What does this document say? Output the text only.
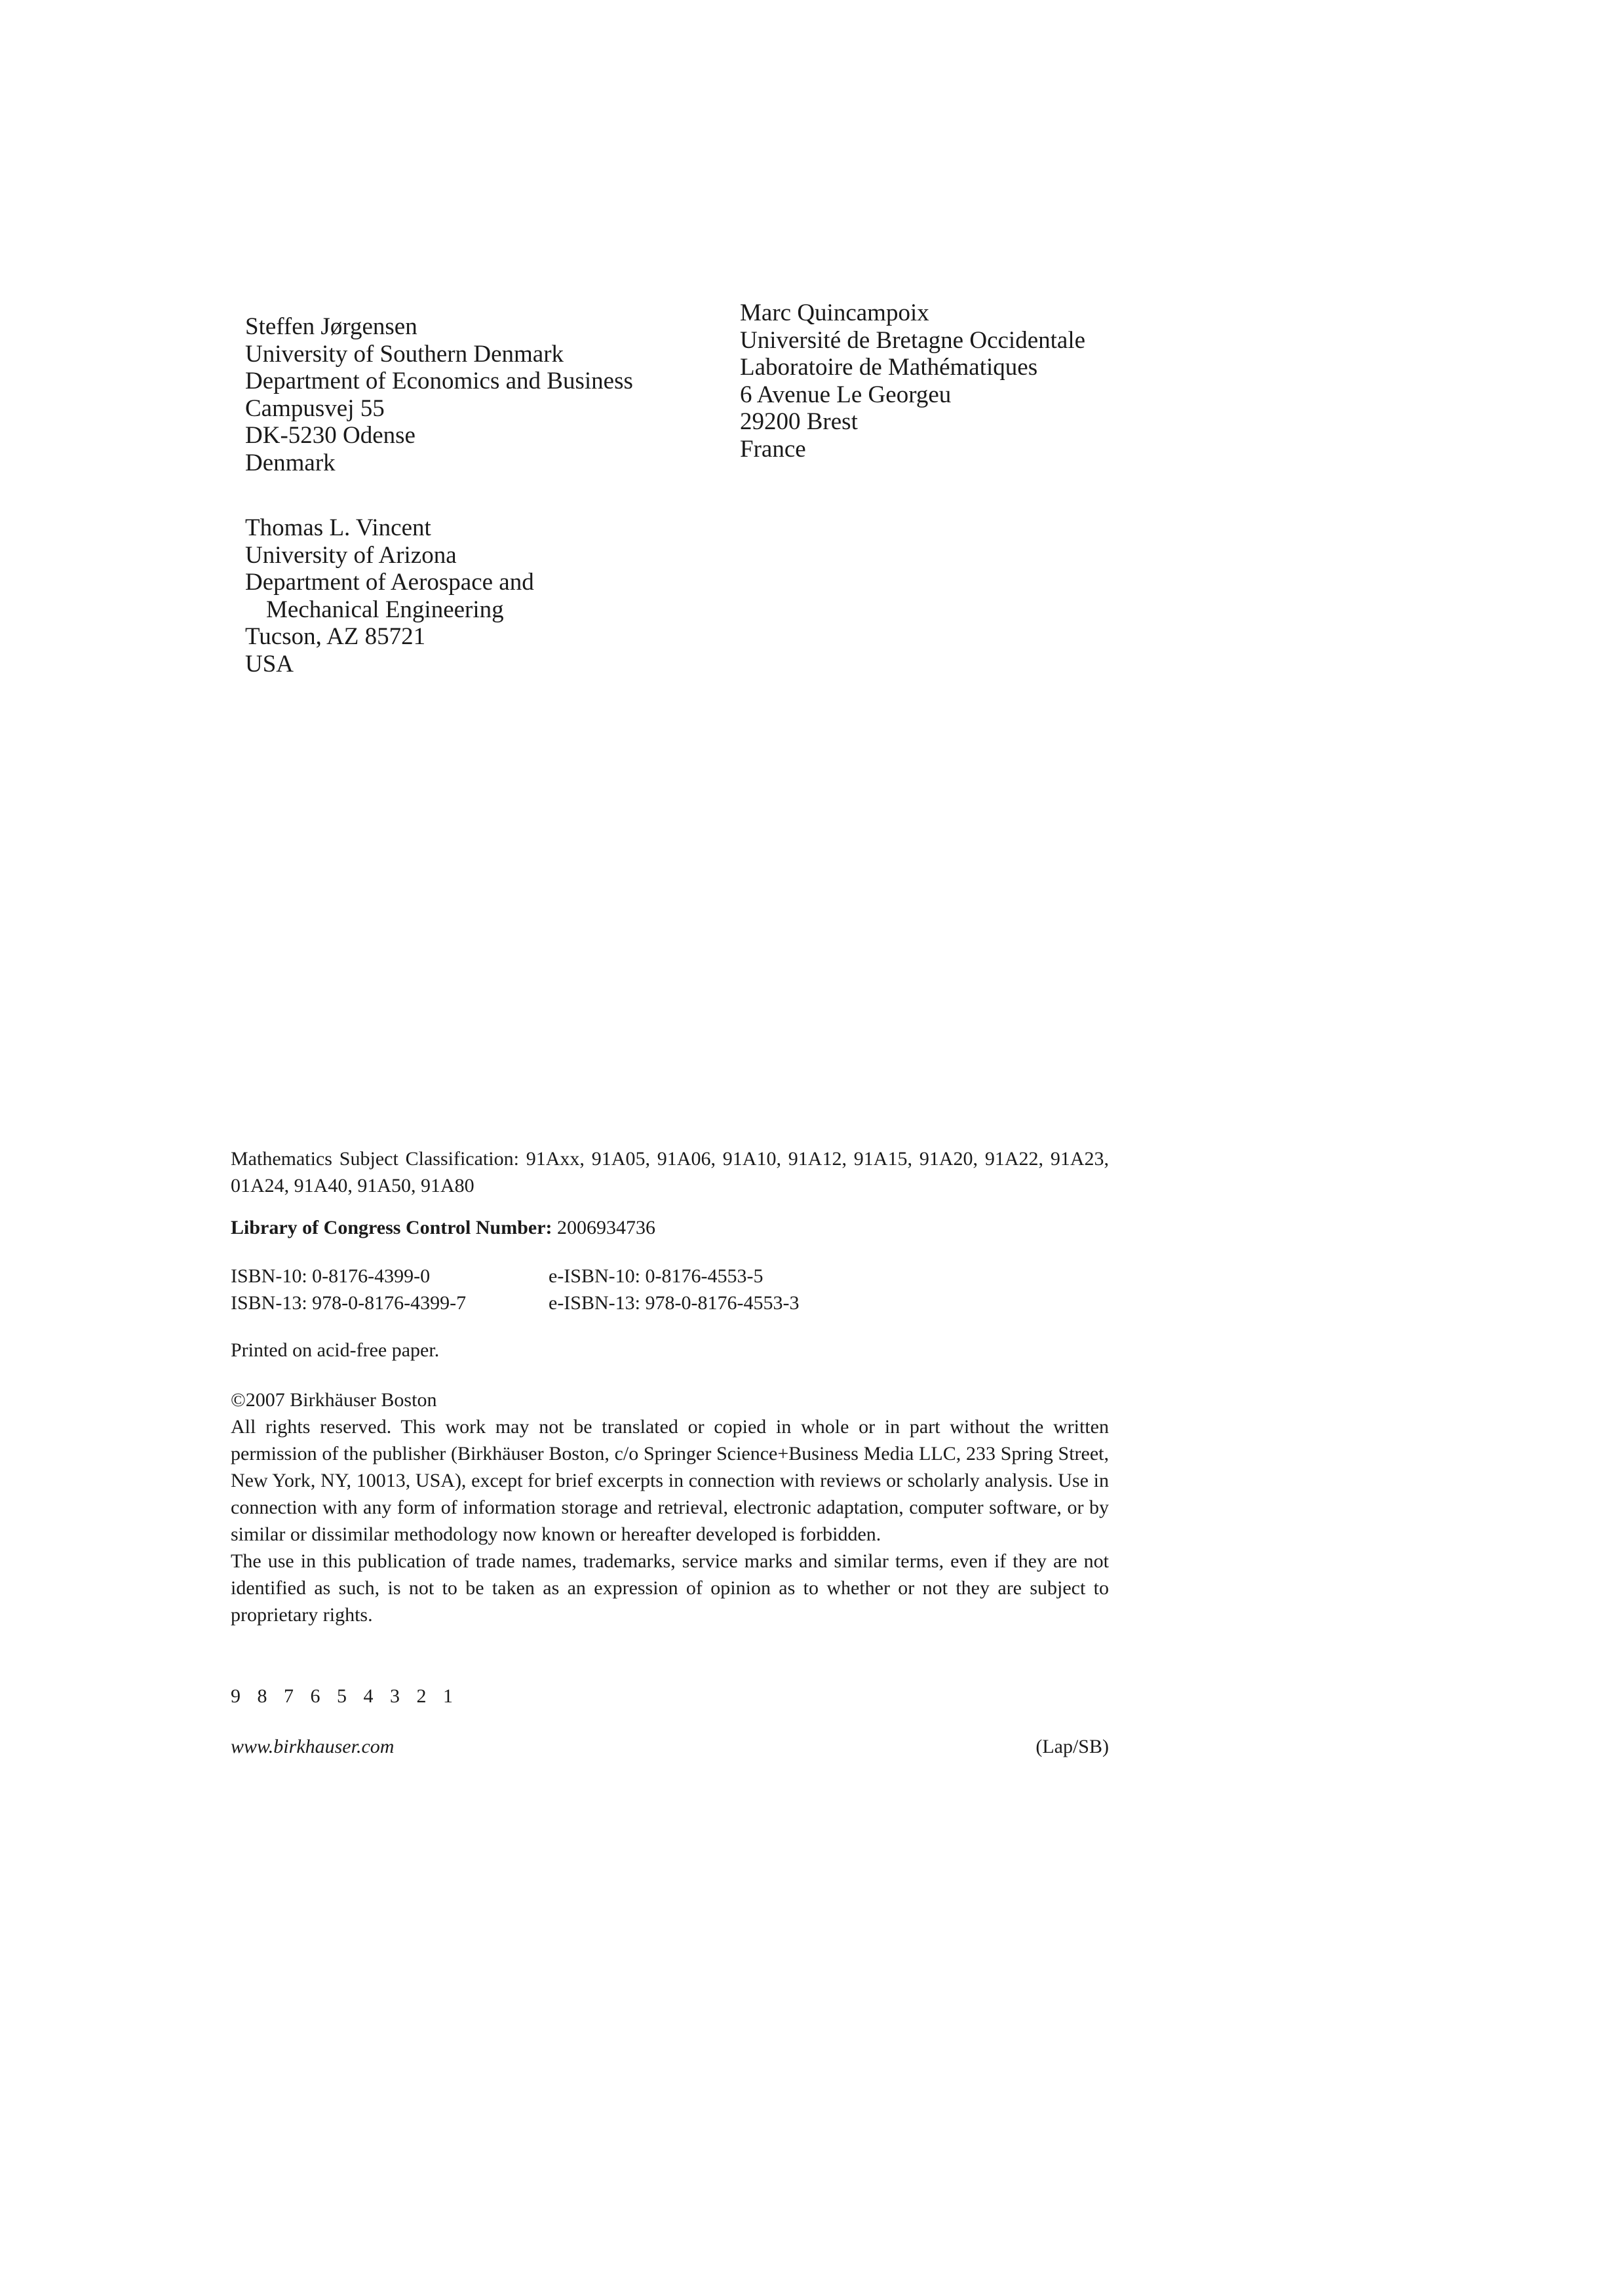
Steffen Jørgensen
University of Southern Denmark
Department of Economics and Business
Campusvej 55
DK-5230 Odense
Denmark
Marc Quincampoix
Université de Bretagne Occidentale
Laboratoire de Mathématiques
6 Avenue Le Georgeu
29200 Brest
France
Thomas L. Vincent
University of Arizona
Department of Aerospace and
Mechanical Engineering
Tucson, AZ 85721
USA
Mathematics Subject Classification: 91Axx, 91A05, 91A06, 91A10, 91A12, 91A15, 91A20, 91A22, 91A23, 01A24, 91A40, 91A50, 91A80
Library of Congress Control Number: 2006934736
ISBN-10: 0-8176-4399-0	e-ISBN-10: 0-8176-4553-5
ISBN-13: 978-0-8176-4399-7	e-ISBN-13: 978-0-8176-4553-3
Printed on acid-free paper.

©2007 Birkhäuser Boston

All rights reserved. This work may not be translated or copied in whole or in part without the written permission of the publisher (Birkhäuser Boston, c/o Springer Science+Business Media LLC, 233 Spring Street, New York, NY, 10013, USA), except for brief excerpts in connection with reviews or scholarly analysis. Use in connection with any form of information storage and retrieval, electronic adaptation, computer software, or by similar or dissimilar methodology now known or hereafter developed is forbidden.

The use in this publication of trade names, trademarks, service marks and similar terms, even if they are not identified as such, is not to be taken as an expression of opinion as to whether or not they are subject to proprietary rights.

9 8 7 6 5 4 3 2 1
www.birkhauser.com	(Lap/SB)
